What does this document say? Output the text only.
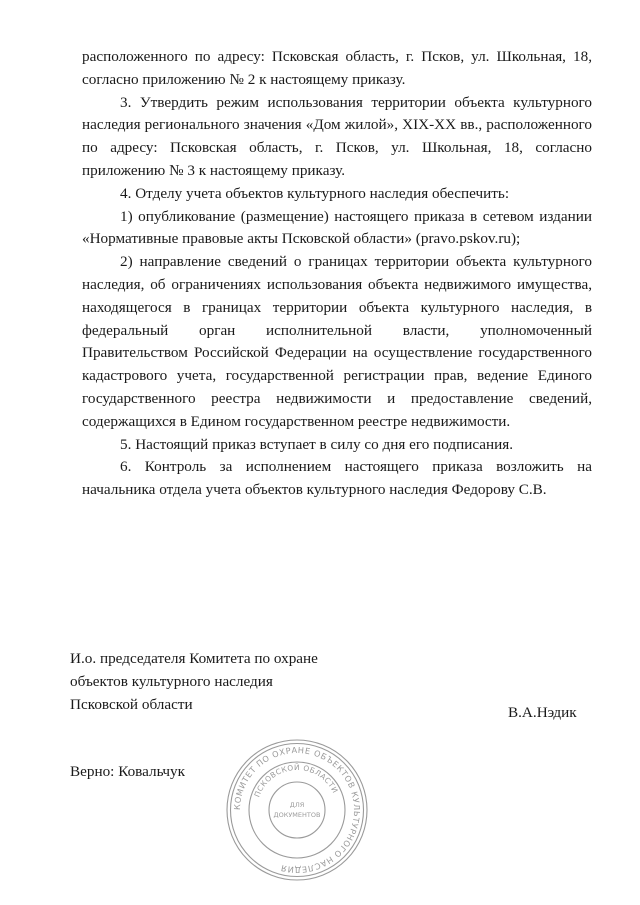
расположенного по адресу: Псковская область, г. Псков, ул. Школьная, 18, согласно приложению № 2 к настоящему приказу.

3. Утвердить режим использования территории объекта культурного наследия регионального значения «Дом жилой», XIX-XX вв., расположенного по адресу: Псковская область, г. Псков, ул. Школьная, 18, согласно приложению № 3 к настоящему приказу.

4. Отделу учета объектов культурного наследия обеспечить:

1) опубликование (размещение) настоящего приказа в сетевом издании «Нормативные правовые акты Псковской области» (pravo.pskov.ru);

2) направление сведений о границах территории объекта культурного наследия, об ограничениях использования объекта недвижимого имущества, находящегося в границах территории объекта культурного наследия, в федеральный орган исполнительной власти, уполномоченный Правительством Российской Федерации на осуществление государственного кадастрового учета, государственной регистрации прав, ведение Единого государственного реестра недвижимости и предоставление сведений, содержащихся в Едином государственном реестре недвижимости.

5. Настоящий приказ вступает в силу со дня его подписания.

6. Контроль за исполнением настоящего приказа возложить на начальника отдела учета объектов культурного наследия Федорову С.В.

И.о. председателя Комитета по охране
объектов культурного наследия
Псковской области	В.А.Нэдик
Верно: Ковальчук
КОМИТЕТ ПО ОХРАНЕ ОБЪЕКТОВ КУЛЬТУРНОГО НАСЛЕДИЯ
ПСКОВСКОЙ ОБЛАСТИ
ДЛЯ
ДОКУМЕНТОВ
